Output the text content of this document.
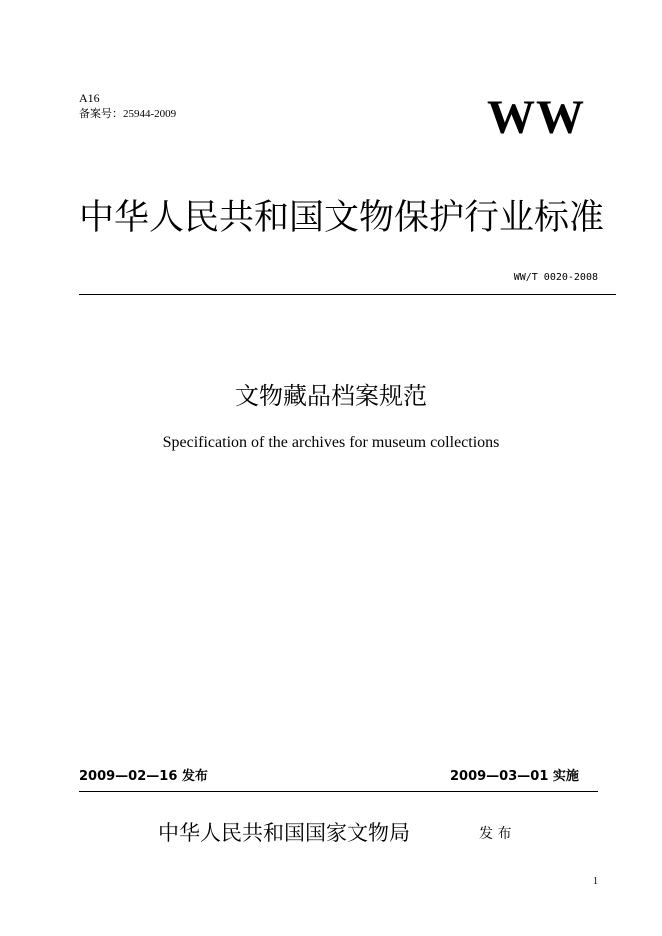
A16
备案号：25944-2009	WW
中华人民共和国文物保护行业标准
WW/T 0020-2008
文物藏品档案规范
Specification of the archives for museum collections
2009—02—16 发布	2009—03—01 实施
中华人民共和国国家文物局	发 布
1
